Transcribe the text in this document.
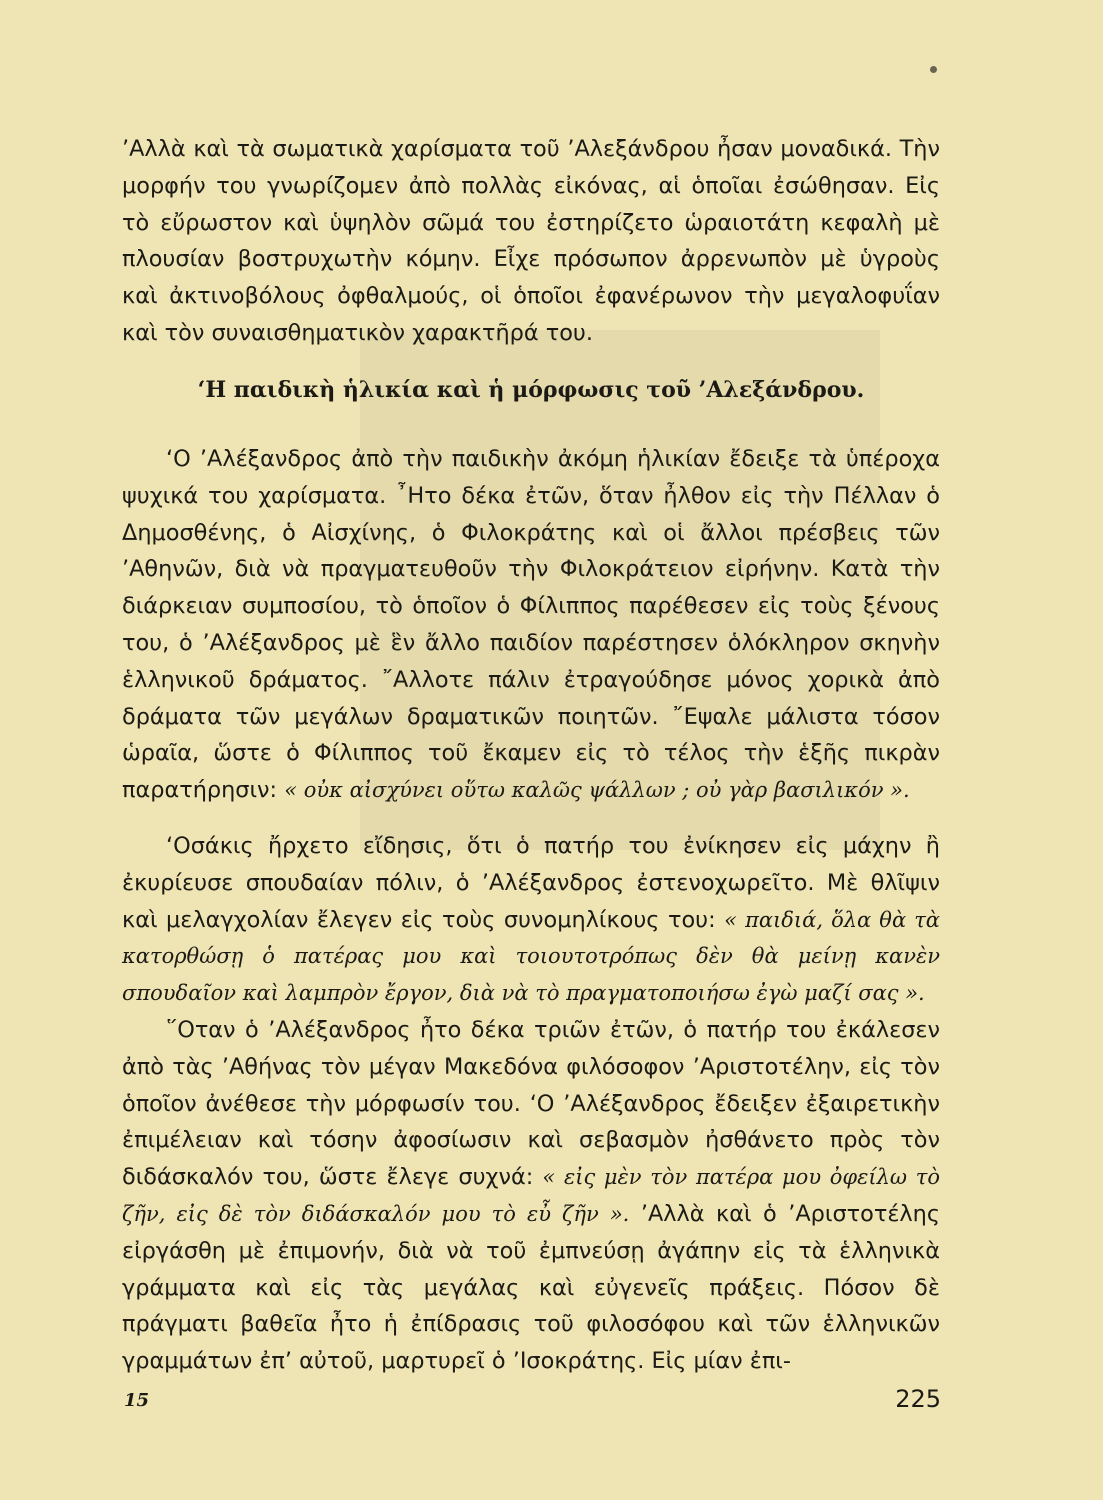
’Αλλὰ καὶ τὰ σωματικὰ χαρίσματα τοῦ ’Αλεξάνδρου ἦσαν μοναδικά. Τὴν μορφήν του γνωρίζομεν ἀπὸ πολλὰς εἰκόνας, αἱ ὁποῖαι ἐσώθησαν. Εἰς τὸ εὔρωστον καὶ ὑψηλὸν σῶμά του ἐστηρίζετο ὡραιοτάτη κεφαλὴ μὲ πλουσίαν βοστρυχωτὴν κόμην. Εἶχε πρόσωπον ἀρρενωπὸν μὲ ὑγροὺς καὶ ἀκτινοβόλους ὀφθαλμούς, οἱ ὁποῖοι ἐφανέρωνον τὴν μεγαλοφυΐαν καὶ τὸν συναισθηματικὸν χαρακτῆρά του.

‘Η παιδικὴ ἡλικία καὶ ἡ μόρφωσις τοῦ ’Αλεξάνδρου.

‘Ο ’Αλέξανδρος ἀπὸ τὴν παιδικὴν ἀκόμη ἡλικίαν ἔδειξε τὰ ὑπέροχα ψυχικά του χαρίσματα. ῏Ητο δέκα ἐτῶν, ὅταν ἦλθον εἰς τὴν Πέλλαν ὁ Δημοσθένης, ὁ Αἰσχίνης, ὁ Φιλοκράτης καὶ οἱ ἄλλοι πρέσβεις τῶν ’Αθηνῶν, διὰ νὰ πραγματευθοῦν τὴν Φιλοκράτειον εἰρήνην. Κατὰ τὴν διάρκειαν συμποσίου, τὸ ὁποῖον ὁ Φίλιππος παρέθεσεν εἰς τοὺς ξένους του, ὁ ’Αλέξανδρος μὲ ἓν ἄλλο παιδίον παρέστησεν ὁλόκληρον σκηνὴν ἑλληνικοῦ δράματος. ῎Αλλοτε πάλιν ἐτραγούδησε μόνος χορικὰ ἀπὸ δράματα τῶν μεγάλων δραματικῶν ποιητῶν. ῎Εψαλε μάλιστα τόσον ὡραῖα, ὥστε ὁ Φίλιππος τοῦ ἔκαμεν εἰς τὸ τέλος τὴν ἑξῆς πικρὰν παρατήρησιν: « οὐκ αἰσχύνει οὕτω καλῶς ψάλλων ; οὐ γὰρ βασιλικόν ».

‘Οσάκις ἤρχετο εἴδησις, ὅτι ὁ πατήρ του ἐνίκησεν εἰς μάχην ἢ ἐκυρίευσε σπουδαίαν πόλιν, ὁ ’Αλέξανδρος ἐστενοχωρεῖτο. Μὲ θλῖψιν καὶ μελαγχολίαν ἔλεγεν εἰς τοὺς συνομηλίκους του: « παιδιά, ὅλα θὰ τὰ κατορθώσῃ ὁ πατέρας μου καὶ τοιουτοτρόπως δὲν θὰ μείνῃ κανὲν σπουδαῖον καὶ λαμπρὸν ἔργον, διὰ νὰ τὸ πραγματοποιήσω ἐγὼ μαζί σας ».

῞Οταν ὁ ’Αλέξανδρος ἦτο δέκα τριῶν ἐτῶν, ὁ πατήρ του ἐκάλεσεν ἀπὸ τὰς ’Αθήνας τὸν μέγαν Μακεδόνα φιλόσοφον ’Αριστοτέλην, εἰς τὸν ὁποῖον ἀνέθεσε τὴν μόρφωσίν του. ‘Ο ’Αλέξανδρος ἔδειξεν ἐξαιρετικὴν ἐπιμέλειαν καὶ τόσην ἀφοσίωσιν καὶ σεβασμὸν ἠσθάνετο πρὸς τὸν διδάσκαλόν του, ὥστε ἔλεγε συχνά: « εἰς μὲν τὸν πατέρα μου ὀφείλω τὸ ζῆν, εἰς δὲ τὸν διδάσκαλόν μου τὸ εὖ ζῆν ». ’Αλλὰ καὶ ὁ ’Αριστοτέλης εἰργάσθη μὲ ἐπιμονήν, διὰ νὰ τοῦ ἐμπνεύσῃ ἀγάπην εἰς τὰ ἑλληνικὰ γράμματα καὶ εἰς τὰς μεγάλας καὶ εὐγενεῖς πράξεις. Πόσον δὲ πράγματι βαθεῖα ἦτο ἡ ἐπίδρασις τοῦ φιλοσόφου καὶ τῶν ἑλληνικῶν γραμμάτων ἐπ’ αὐτοῦ, μαρτυρεῖ ὁ ’Ισοκράτης. Εἰς μίαν ἐπι-

15	225
